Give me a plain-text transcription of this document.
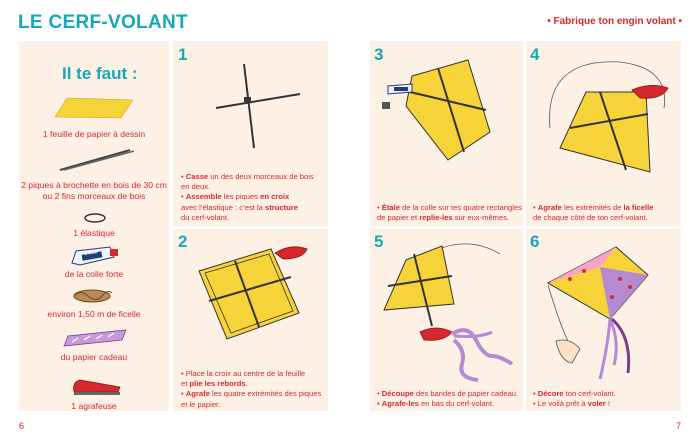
LE CERF-VOLANT	• Fabrique ton engin volant •
Il te faut :
1 feuille de papier à dessin
2 piques à brochette en bois de 30 cm
ou 2 fins morceaux de bois
1 élastique
COLL
de la colle forte
environ 1,50 m de ficelle
du papier cadeau
1 agrafeuse
1
2
3	4
5	6
• Casse un des deux morceaux de bois
en deux.
• Assemble les piques en croix
avec l’élastique : c’est la structure
du cerf-volant.
• Place la croix au centre de la feuille
et plie les rebords.
• Agrafe les quatre extrémités des piques
et le papier.
• Étale de la colle sur tes quatre rectangles
de papier et replie-les sur eux-mêmes.
• Agrafe les extrémités de la ficelle
de chaque côté de ton cerf-volant.
• Découpe des bandes de papier cadeau.
• Agrafe-les en bas du cerf-volant.
• Décore ton cerf-volant.
• Le voilà prêt à voler !
6	7
